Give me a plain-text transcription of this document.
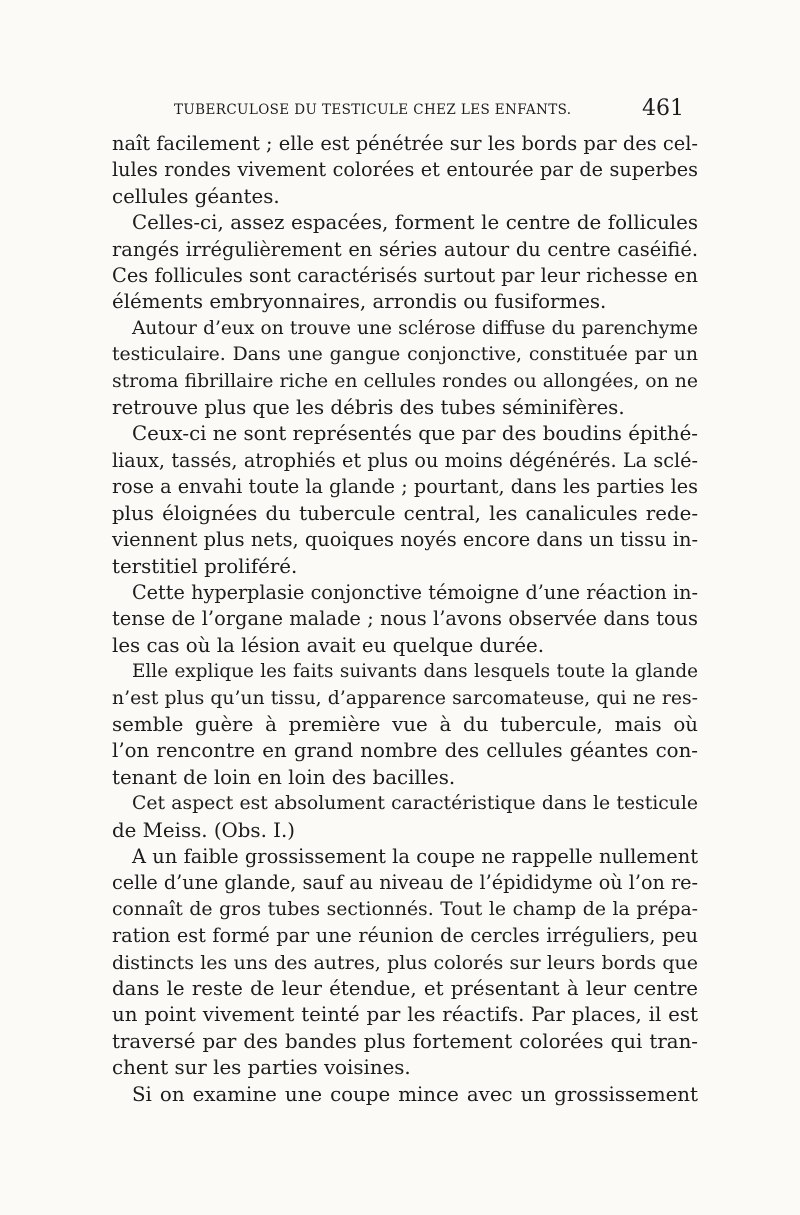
TUBERCULOSE DU TESTICULE CHEZ LES ENFANTS.	461
naît facilement ; elle est pénétrée sur les bords par des cel-
lules rondes vivement colorées et entourée par de superbes
cellules géantes.
Celles-ci, assez espacées, forment le centre de follicules
rangés irrégulièrement en séries autour du centre caséifié.
Ces follicules sont caractérisés surtout par leur richesse en
éléments embryonnaires, arrondis ou fusiformes.
Autour d’eux on trouve une sclérose diffuse du parenchyme
testiculaire. Dans une gangue conjonctive, constituée par un
stroma fibrillaire riche en cellules rondes ou allongées, on ne
retrouve plus que les débris des tubes séminifères.
Ceux-ci ne sont représentés que par des boudins épithé-
liaux, tassés, atrophiés et plus ou moins dégénérés. La sclé-
rose a envahi toute la glande ; pourtant, dans les parties les
plus éloignées du tubercule central, les canalicules rede-
viennent plus nets, quoiques noyés encore dans un tissu in-
terstitiel proliféré.
Cette hyperplasie conjonctive témoigne d’une réaction in-
tense de l’organe malade ; nous l’avons observée dans tous
les cas où la lésion avait eu quelque durée.
Elle explique les faits suivants dans lesquels toute la glande
n’est plus qu’un tissu, d’apparence sarcomateuse, qui ne res-
semble guère à première vue à du tubercule, mais où
l’on rencontre en grand nombre des cellules géantes con-
tenant de loin en loin des bacilles.
Cet aspect est absolument caractéristique dans le testicule
de Meiss. (Obs. I.)
A un faible grossissement la coupe ne rappelle nullement
celle d’une glande, sauf au niveau de l’épididyme où l’on re-
connaît de gros tubes sectionnés. Tout le champ de la prépa-
ration est formé par une réunion de cercles irréguliers, peu
distincts les uns des autres, plus colorés sur leurs bords que
dans le reste de leur étendue, et présentant à leur centre
un point vivement teinté par les réactifs. Par places, il est
traversé par des bandes plus fortement colorées qui tran-
chent sur les parties voisines.
Si on examine une coupe mince avec un grossissement
